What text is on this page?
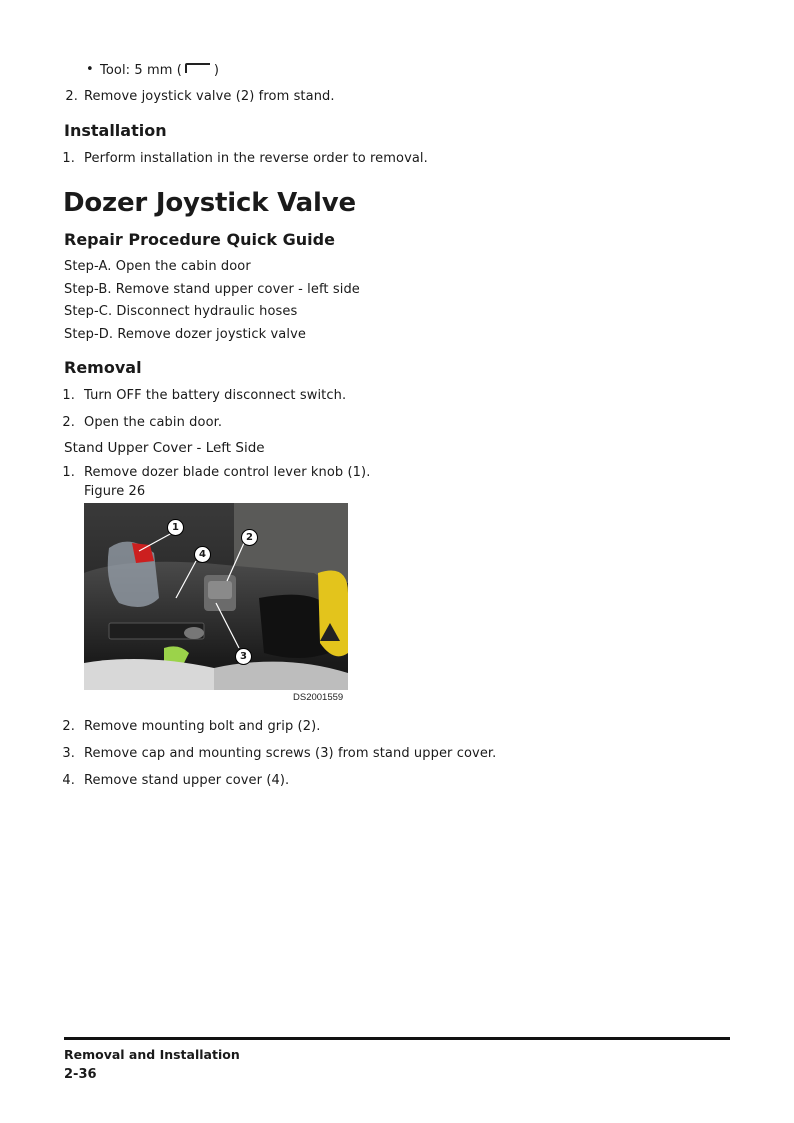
• Tool: 5 mm ( )
2. Remove joystick valve (2) from stand.
Installation
1. Perform installation in the reverse order to removal.
Dozer Joystick Valve
Repair Procedure Quick Guide
Step-A. Open the cabin door
Step-B. Remove stand upper cover - left side
Step-C. Disconnect hydraulic hoses
Step-D. Remove dozer joystick valve
Removal
1. Turn OFF the battery disconnect switch.
2. Open the cabin door.
Stand Upper Cover - Left Side
1. Remove dozer blade control lever knob (1).
Figure 26
1
2
3
4
DS2001559
2. Remove mounting bolt and grip (2).
3. Remove cap and mounting screws (3) from stand upper cover.
4. Remove stand upper cover (4).
Removal and Installation
2-36
